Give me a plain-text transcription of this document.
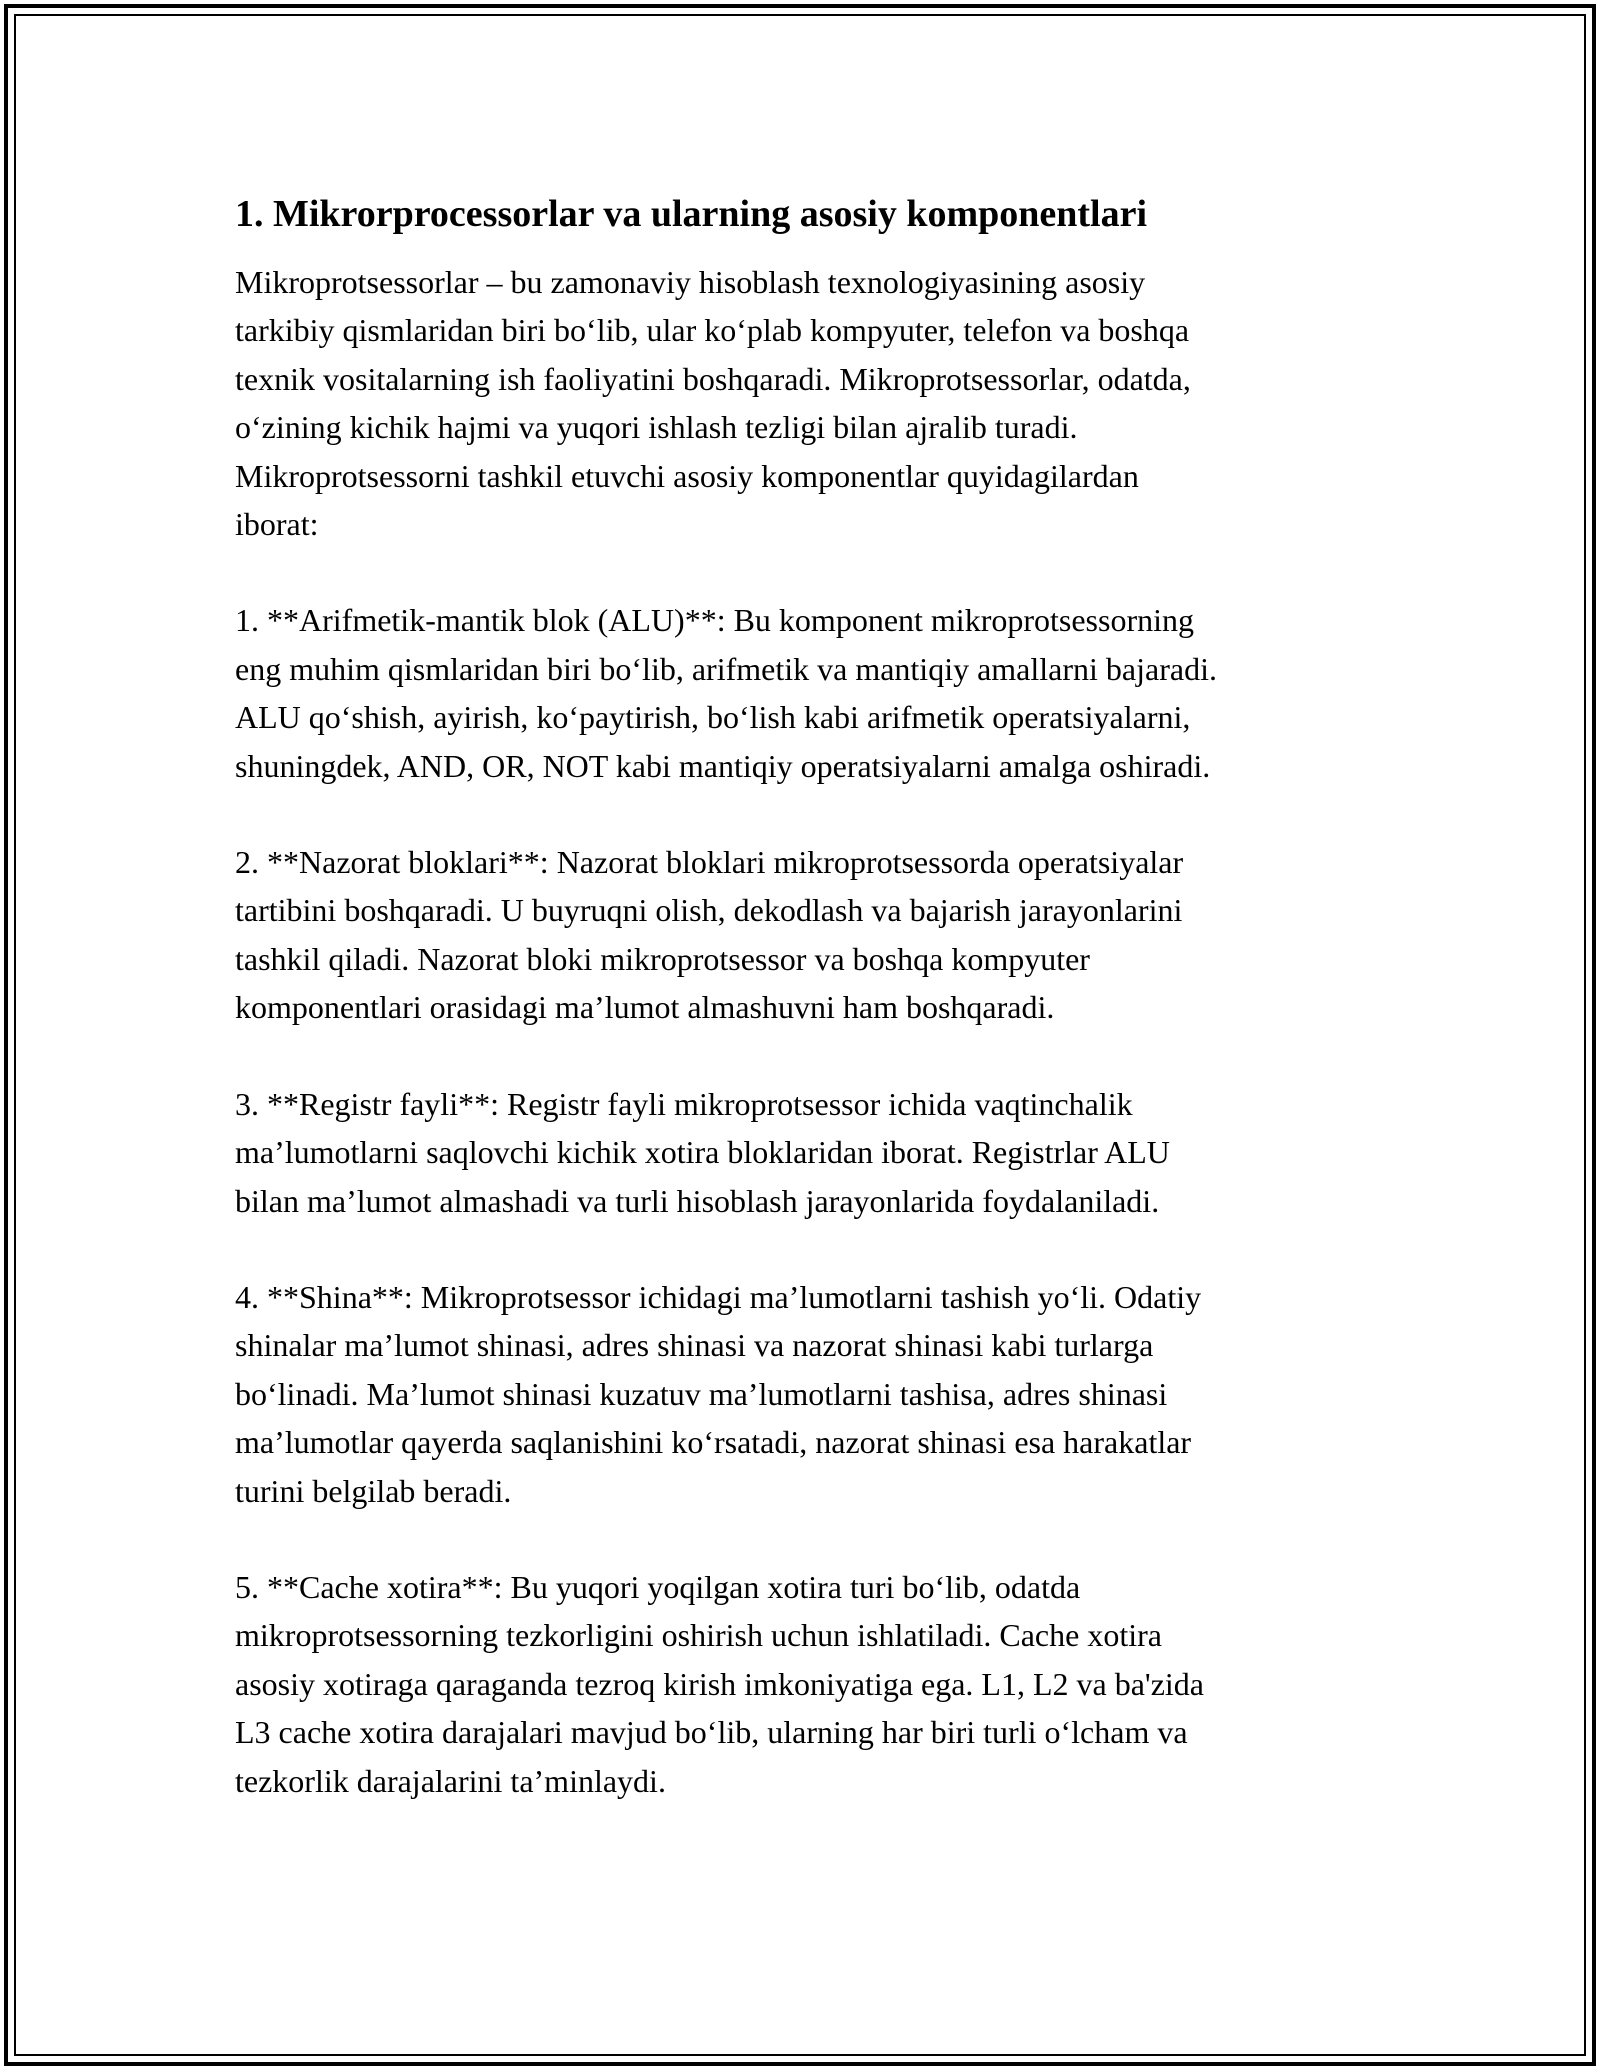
1. Mikrorprocessorlar va ularning asosiy komponentlari

Mikroprotsessorlar – bu zamonaviy hisoblash texnologiyasining asosiy
tarkibiy qismlaridan biri bo‘lib, ular ko‘plab kompyuter, telefon va boshqa
texnik vositalarning ish faoliyatini boshqaradi. Mikroprotsessorlar, odatda,
o‘zining kichik hajmi va yuqori ishlash tezligi bilan ajralib turadi.
Mikroprotsessorni tashkil etuvchi asosiy komponentlar quyidagilardan
iborat:

1. **Arifmetik-mantik blok (ALU)**: Bu komponent mikroprotsessorning
eng muhim qismlaridan biri bo‘lib, arifmetik va mantiqiy amallarni bajaradi.
ALU qo‘shish, ayirish, ko‘paytirish, bo‘lish kabi arifmetik operatsiyalarni,
shuningdek, AND, OR, NOT kabi mantiqiy operatsiyalarni amalga oshiradi.

2. **Nazorat bloklari**: Nazorat bloklari mikroprotsessorda operatsiyalar
tartibini boshqaradi. U buyruqni olish, dekodlash va bajarish jarayonlarini
tashkil qiladi. Nazorat bloki mikroprotsessor va boshqa kompyuter
komponentlari orasidagi ma’lumot almashuvni ham boshqaradi.

3. **Registr fayli**: Registr fayli mikroprotsessor ichida vaqtinchalik
ma’lumotlarni saqlovchi kichik xotira bloklaridan iborat. Registrlar ALU
bilan ma’lumot almashadi va turli hisoblash jarayonlarida foydalaniladi.

4. **Shina**: Mikroprotsessor ichidagi ma’lumotlarni tashish yo‘li. Odatiy
shinalar ma’lumot shinasi, adres shinasi va nazorat shinasi kabi turlarga
bo‘linadi. Ma’lumot shinasi kuzatuv ma’lumotlarni tashisa, adres shinasi
ma’lumotlar qayerda saqlanishini ko‘rsatadi, nazorat shinasi esa harakatlar
turini belgilab beradi.

5. **Cache xotira**: Bu yuqori yoqilgan xotira turi bo‘lib, odatda
mikroprotsessorning tezkorligini oshirish uchun ishlatiladi. Cache xotira
asosiy xotiraga qaraganda tezroq kirish imkoniyatiga ega. L1, L2 va ba'zida
L3 cache xotira darajalari mavjud bo‘lib, ularning har biri turli o‘lcham va
tezkorlik darajalarini ta’minlaydi.
